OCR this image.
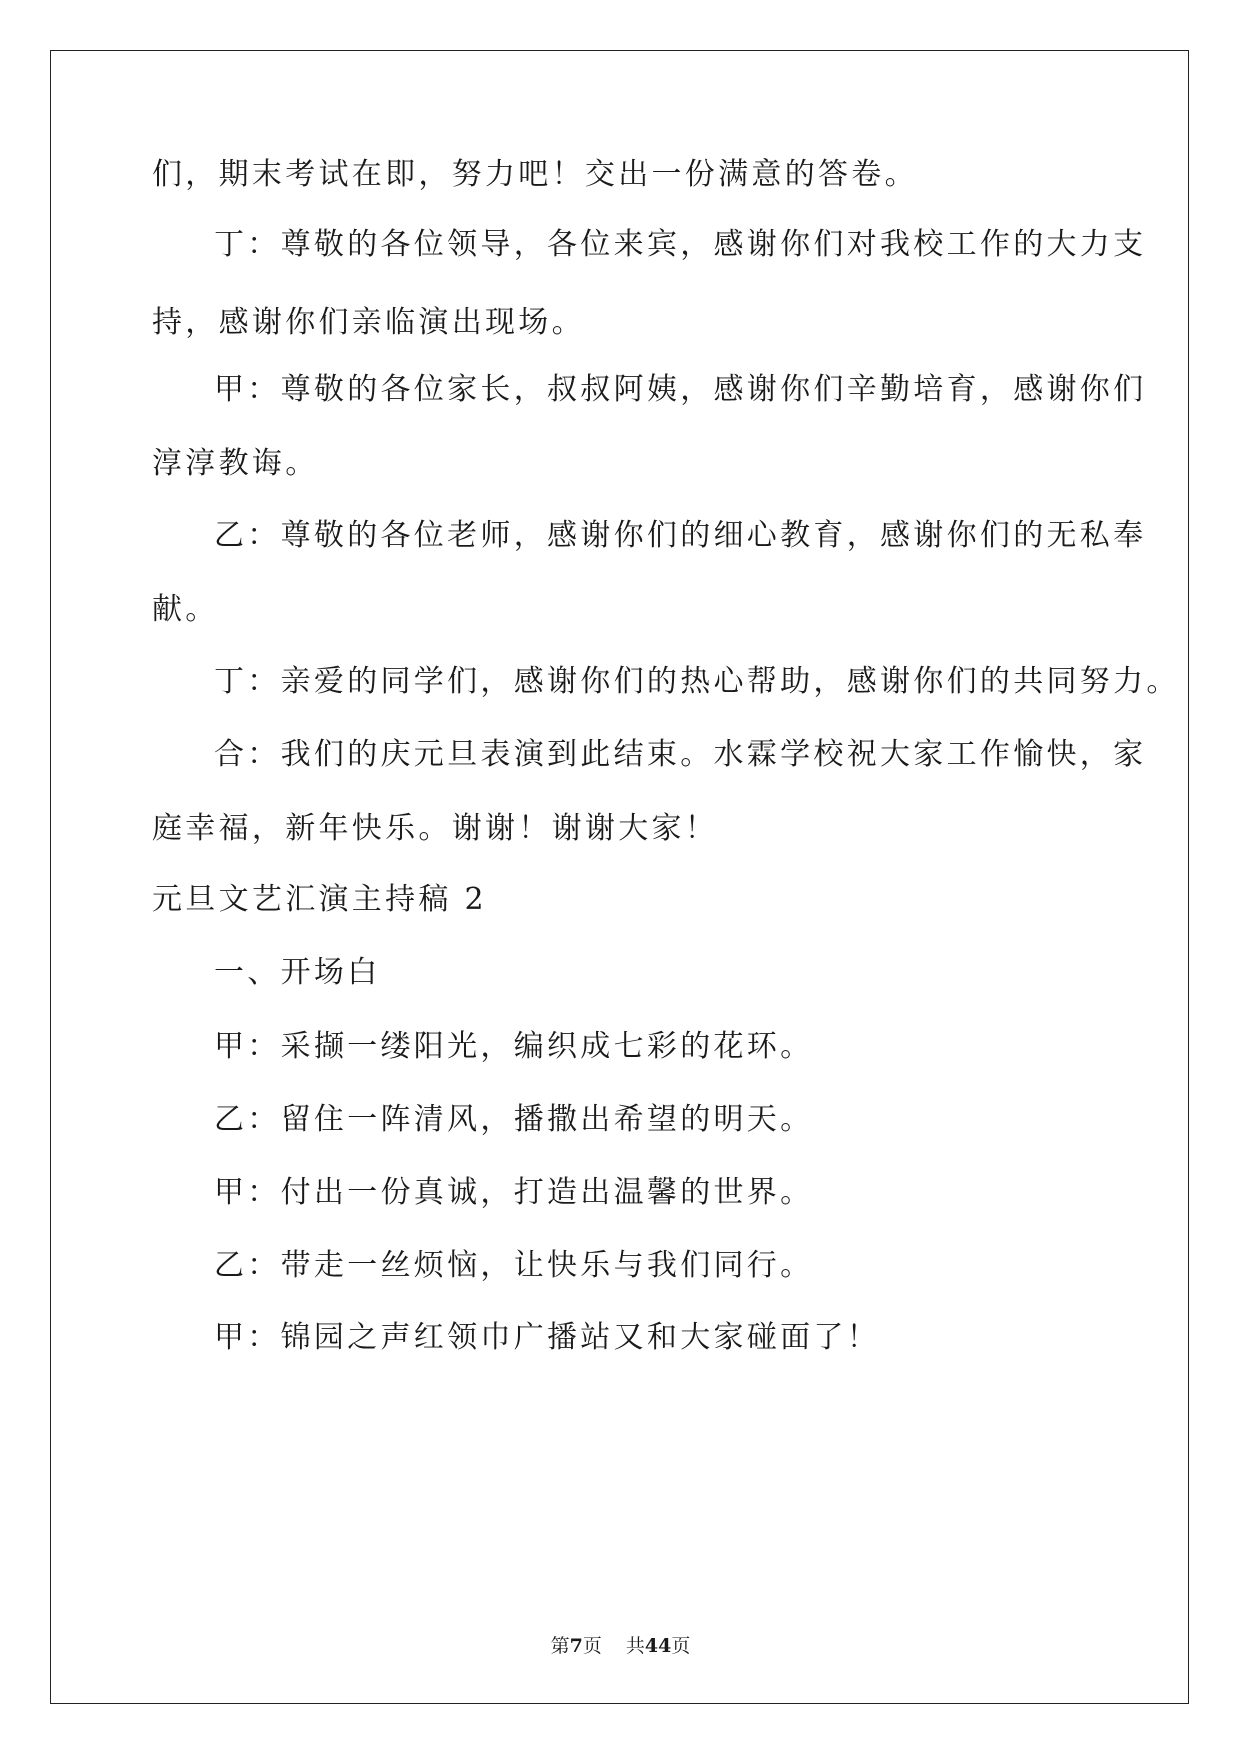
们，期末考试在即，努力吧！交出一份满意的答卷。
丁：尊敬的各位领导，各位来宾，感谢你们对我校工作的大力支
持，感谢你们亲临演出现场。
甲：尊敬的各位家长，叔叔阿姨，感谢你们辛勤培育，感谢你们
淳淳教诲。
乙：尊敬的各位老师，感谢你们的细心教育，感谢你们的无私奉
献。
丁：亲爱的同学们，感谢你们的热心帮助，感谢你们的共同努力。
合：我们的庆元旦表演到此结束。水霖学校祝大家工作愉快，家
庭幸福，新年快乐。谢谢！谢谢大家！
元旦文艺汇演主持稿 2
一、开场白
甲：采撷一缕阳光，编织成七彩的花环。
乙：留住一阵清风，播撒出希望的明天。
甲：付出一份真诚，打造出温馨的世界。
乙：带走一丝烦恼，让快乐与我们同行。
甲：锦园之声红领巾广播站又和大家碰面了！
第7页 共44页
